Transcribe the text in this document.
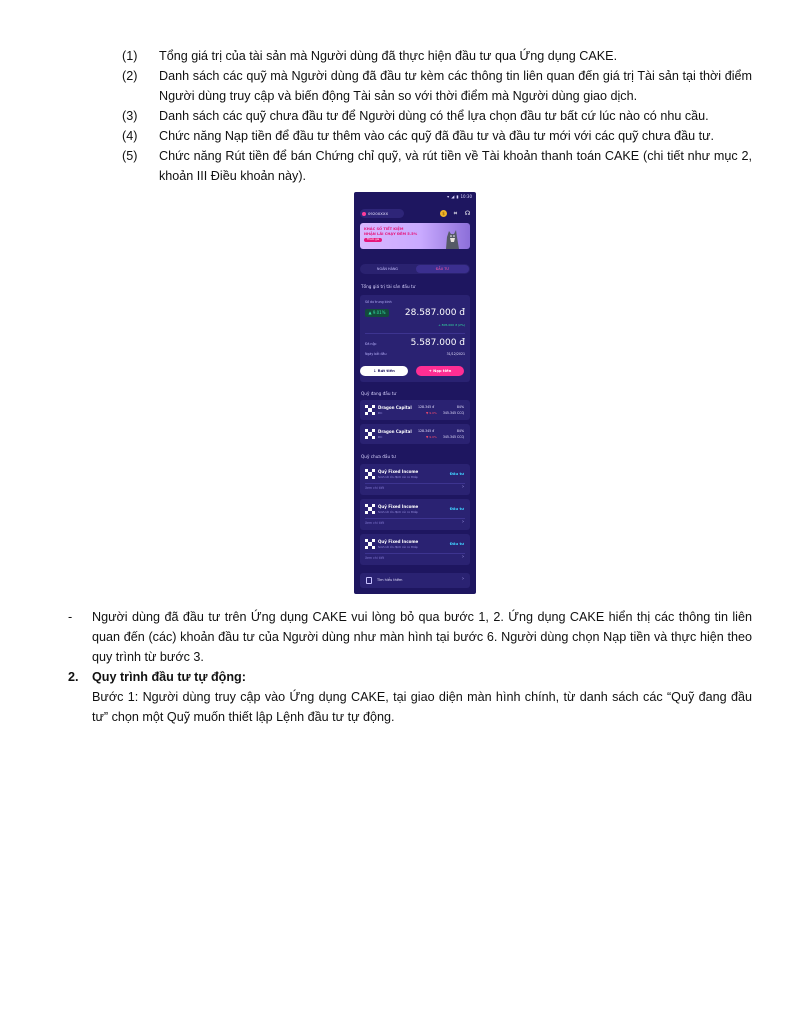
(1) Tổng giá trị của tài sản mà Người dùng đã thực hiện đầu tư qua Ứng dụng CAKE.
(2) Danh sách các quỹ mà Người dùng đã đầu tư kèm các thông tin liên quan đến giá trị Tài sản tại thời điểm Người dùng truy cập và biến động Tài sản so với thời điểm mà Người dùng giao dịch.
(3) Danh sách các quỹ chưa đầu tư để Người dùng có thể lựa chọn đầu tư bất cứ lúc nào có nhu cầu.
(4) Chức năng Nạp tiền để đầu tư thêm vào các quỹ đã đầu tư và đầu tư mới với các quỹ chưa đầu tư.
(5) Chức năng Rút tiền để bán Chứng chỉ quỹ, và rút tiền về Tài khoản thanh toán CAKE (chi tiết như mục 2, khoản III Điều khoản này).
▾ ◢ ▮ 10:30
0920XXXX	$	⌗	☊
KHÁC SỐ TIẾT KIỆM
NHẬN LÃI CHẠY ĐÊM 5.5%
Tham gia
NGÂN HÀNG	ĐẦU TƯ
Tổng giá trị tài sản đầu tư
Số dư trung bình
▲ 9.01%	28.587.000 đ
+ 805.000 đ (2%)
Đã nộp	5.587.000 đ
Ngày bắt đầu	31/12/2021
↓ Rút tiền	+ Nạp tiền
Quỹ đang đầu tư
Dragon Capital
DC
128.345 đ	84%
▼ 9.0% 345.345 CCQ
Dragon Capital
DC
128.345 đ	84%
▼ 9.0% 345.345 CCQ
Quỹ chưa đầu tư
Quỹ Fixed Income
Sinh lời ổn định rủi ro thấp
Đầu tư
Xem chi tiết	›
Quỹ Fixed Income
Sinh lời ổn định rủi ro thấp
Đầu tư
Xem chi tiết	›
Quỹ Fixed Income
Sinh lời ổn định rủi ro thấp
Đầu tư
Xem chi tiết	›
Tìm hiểu thêm	›
-	Người dùng đã đầu tư trên Ứng dụng CAKE vui lòng bỏ qua bước 1, 2. Ứng dụng CAKE hiển thị các thông tin liên quan đến (các) khoản đầu tư của Người dùng như màn hình tại bước 6. Người dùng chọn Nạp tiền và thực hiện theo quy trình từ bước 3.
2. Quy trình đầu tư tự động:
Bước 1: Người dùng truy cập vào Ứng dụng CAKE, tại giao diện màn hình chính, từ danh sách các “Quỹ đang đầu tư” chọn một Quỹ muốn thiết lập Lệnh đầu tư tự động.
